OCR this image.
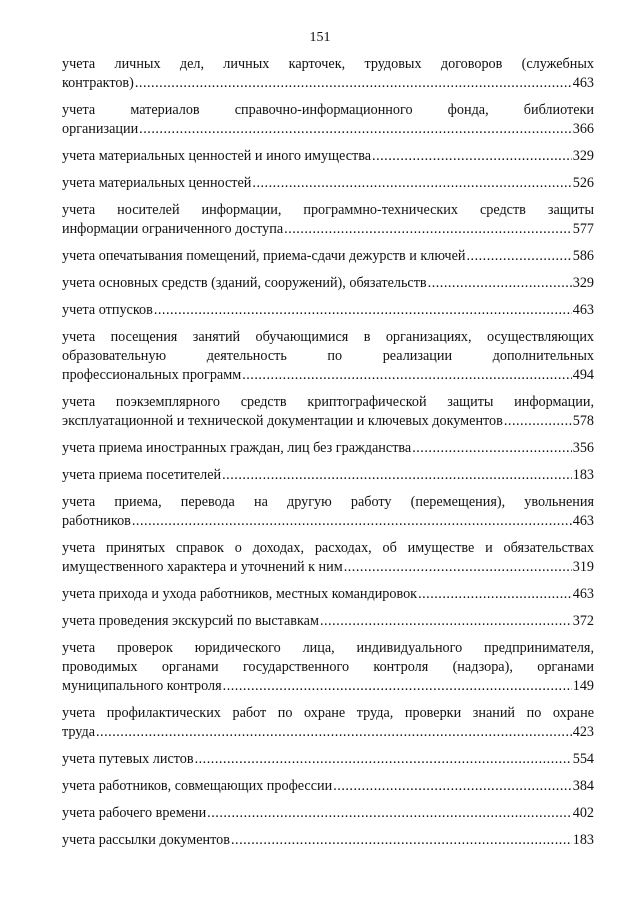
151
учета личных дел, личных карточек, трудовых договоров (служебных
контрактов) .....	463
учета материалов справочно-информационного фонда, библиотеки
организации .....	366
учета материальных ценностей и иного имущества .....	329
учета материальных ценностей .....	526
учета носителей информации, программно-технических средств защиты
информации ограниченного доступа .....	577
учета опечатывания помещений, приема-сдачи дежурств и ключей .....	586
учета основных средств (зданий, сооружений), обязательств .....	329
учета отпусков .....	463
учета посещения занятий обучающимися в организациях, осуществляющих
образовательную деятельность по реализации дополнительных
профессиональных программ .....	494
учета поэкземплярного средств криптографической защиты информации,
эксплуатационной и технической документации и ключевых документов .....	578
учета приема иностранных граждан, лиц без гражданства .....	356
учета приема посетителей .....	183
учета приема, перевода на другую работу (перемещения), увольнения
работников .....	463
учета принятых справок о доходах, расходах, об имуществе и обязательствах
имущественного характера и уточнений к ним .....	319
учета прихода и ухода работников, местных командировок .....	463
учета проведения экскурсий по выставкам .....	372
учета проверок юридического лица, индивидуального предпринимателя,
проводимых органами государственного контроля (надзора), органами
муниципального контроля .....	149
учета профилактических работ по охране труда, проверки знаний по охране
труда .....	423
учета путевых листов .....	554
учета работников, совмещающих профессии .....	384
учета рабочего времени .....	402
учета рассылки документов .....	183
